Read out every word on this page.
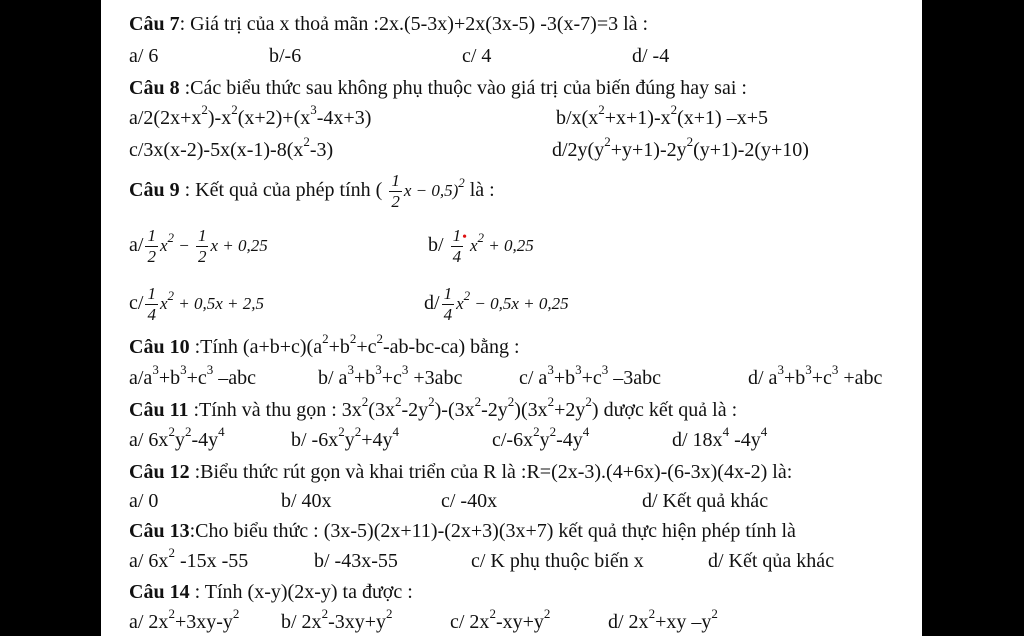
Câu 7: Giá trị của x thoả mãn :2x.(5-3x)+2x(3x-5) -3(x-7)=3 là :
a/ 6	b/-6	c/ 4	d/ -4
Câu 8 :Các biểu thức sau không phụ thuộc vào giá trị của biến đúng hay sai :
$a/2(2x+x^2)-x^2(x+2)+(x^3-4x+3)$	$b/x(x^2+x+1)-x^2(x+1)$ –x+5
$c/3x(x-2)-5x(x-1)-8(x^2-3)$	$d/2y(y^2+y+1)-2y^2(y+1)-2(y+10)$
Câu 9 : Kết quả của phép tính ( $\frac{1}{2}$ x − 0,5)$^2$ là :
$a/ \frac{1}{2} x^2 - \frac{1}{2}$ x + 0,25	$b/ \frac{1}{4} ^•$ $x^2 + 0,25$
$c/ \frac{1}{4} x^2 + 0,5x + 2,5$	$d/ \frac{1}{4} x^2 - 0,5x + 0,25$
Câu 10 :Tính $(a+b+c)(a^2+b^2+c^2-ab-bc-ca)$ bằng :
$a/a^3+b^3+c^3$ –abc	b/ $a^3+b^3+c^3 +3abc$	c/ $a^3+b^3+c^3$ –3abc	d/ $a^3+b^3+c^3 +abc$
Câu 11 :Tính và thu gọn : $3x^2(3x^2-2y^2)-(3x^2-2y^2)(3x^2+2y^2)$ dược kết quả là :
a/ $6x^2y^2-4y^4$	b/ $-6x^2y^2+4y^4$	$c/-6x^2y^2-4y^4$	d/ $18x^4$ $-4y^4$
Câu 12 :Biểu thức rút gọn và khai triển của R là :R=(2x-3).(4+6x)-(6-3x)(4x-2) là:
a/ 0	b/ 40x	c/ -40x	d/ Kết quả khác
Câu 13:Cho biểu thức : (3x-5)(2x+11)-(2x+3)(3x+7) kết quả thực hiện phép tính là
a/ $6x^2$ -15x -55	b/ -43x-55	c/ K phụ thuộc biến x	d/ Kết qủa khác
Câu 14 : Tính (x-y)(2x-y) ta được :
a/ $2x^2+3xy-y^2$ b/ $2x^2-3xy+y^2$	c/ $2x^2-xy+y^2$	d/ $2x^2+xy$ $-y^2$
